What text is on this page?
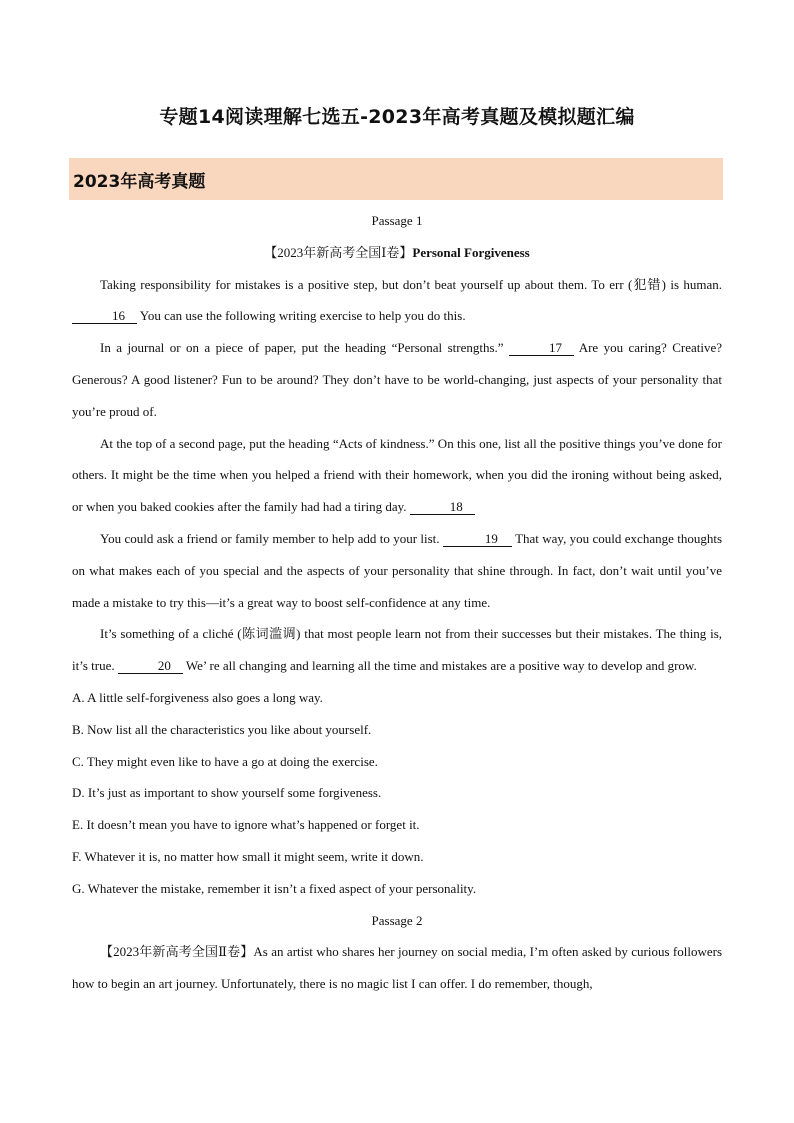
专题14阅读理解七选五-2023年高考真题及模拟题汇编
2023年高考真题

Passage 1

【2023年新高考全国Ⅰ卷】Personal Forgiveness

Taking responsibility for mistakes is a positive step, but don’t beat yourself up about them. To err (犯错) is human. 16 You can use the following writing exercise to help you do this.

In a journal or on a piece of paper, put the heading “Personal strengths.”	17 Are you caring? Creative? Generous? A good listener? Fun to be around? They don’t have to be world-changing, just aspects of your personality that you’re proud of.

At the top of a second page, put the heading “Acts of kindness.” On this one, list all the positive things you’ve done for others. It might be the time when you helped a friend with their homework, when you did the ironing without being asked, or when you baked cookies after the family had had a tiring day.	18

You could ask a friend or family member to help add to your list.	19 That way, you could exchange thoughts on what makes each of you special and the aspects of your personality that shine through. In fact, don’t wait until you’ve made a mistake to try this—it’s a great way to boost self-confidence at any time.

It’s something of a cliché (陈词滥调) that most people learn not from their successes but their mistakes. The thing is, it’s true.	20 We’ re all changing and learning all the time and mistakes are a positive way to develop and grow.

A. A little self-forgiveness also goes a long way.

B. Now list all the characteristics you like about yourself.

C. They might even like to have a go at doing the exercise.

D. It’s just as important to show yourself some forgiveness.

E. It doesn’t mean you have to ignore what’s happened or forget it.

F. Whatever it is, no matter how small it might seem, write it down.

G. Whatever the mistake, remember it isn’t a fixed aspect of your personality.

Passage 2

【2023年新高考全国Ⅱ卷】As an artist who shares her journey on social media, I’m often asked by curious followers how to begin an art journey. Unfortunately, there is no magic list I can offer. I do remember, though,
